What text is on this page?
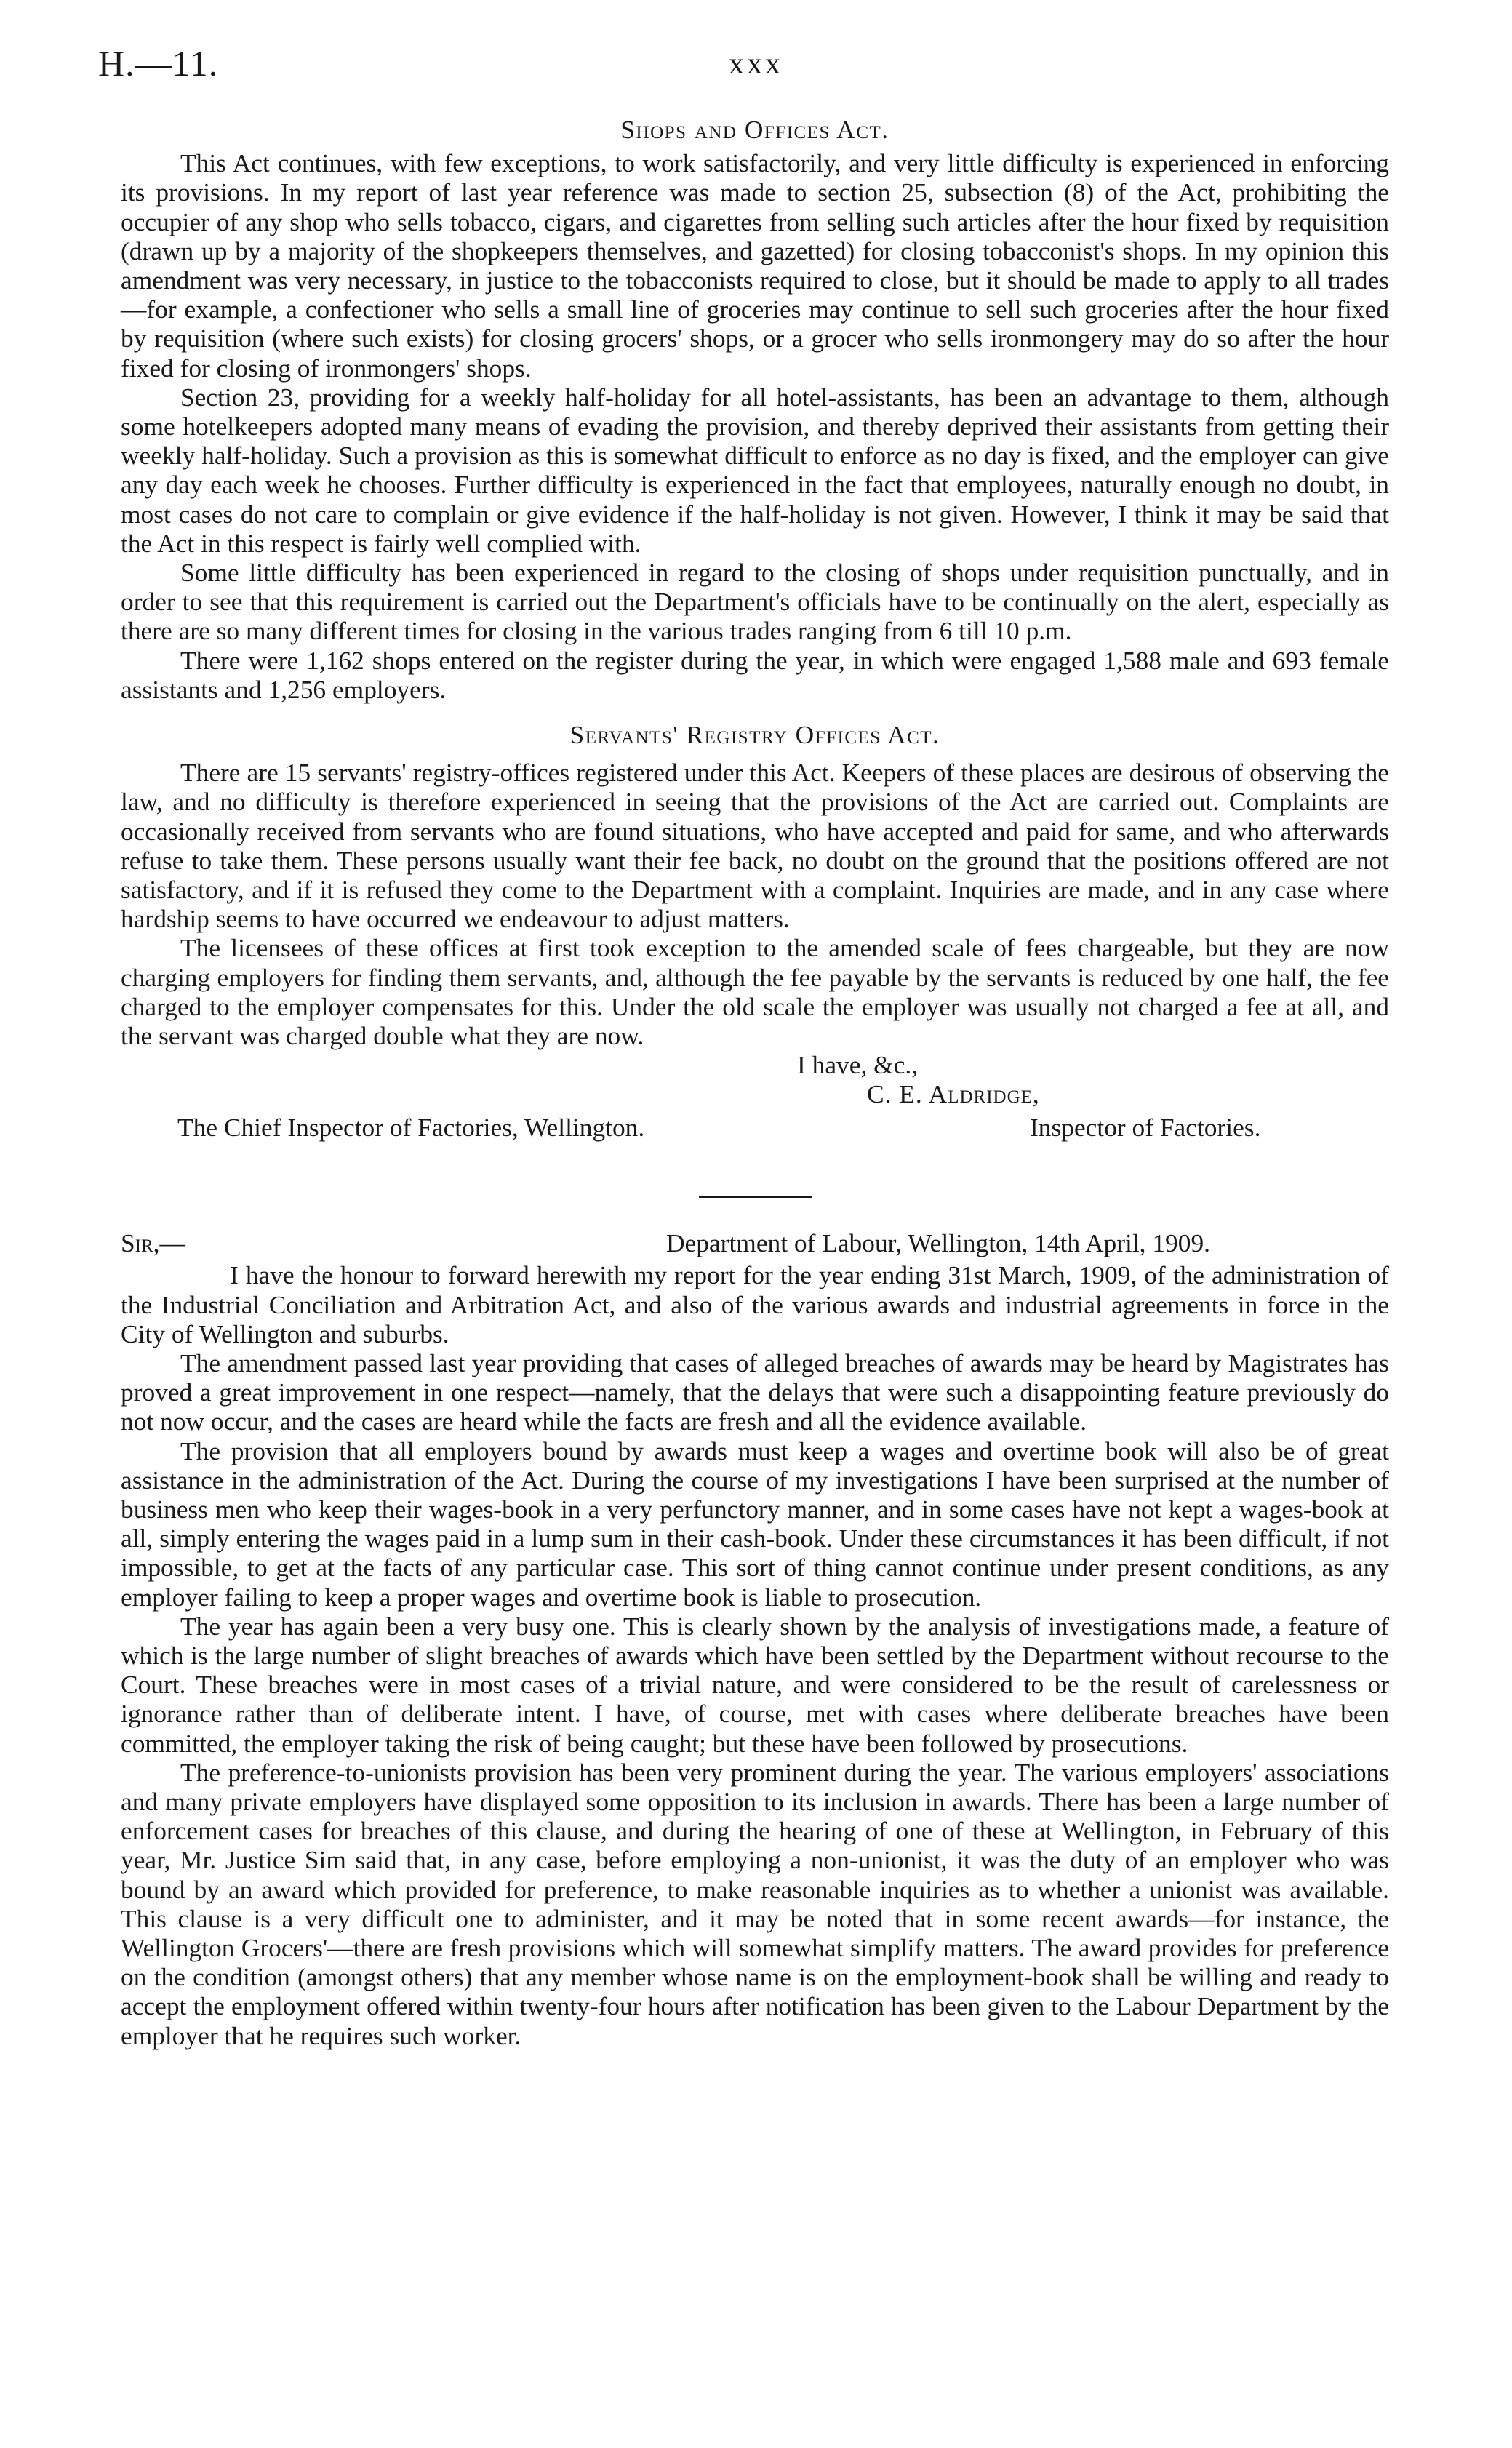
H.—11.	xxx
Shops and Offices Act.

This Act continues, with few exceptions, to work satisfactorily, and very little difficulty is experienced in enforcing its provisions. In my report of last year reference was made to section 25, subsection (8) of the Act, prohibiting the occupier of any shop who sells tobacco, cigars, and cigarettes from selling such articles after the hour fixed by requisition (drawn up by a majority of the shopkeepers themselves, and gazetted) for closing tobacconist's shops. In my opinion this amendment was very necessary, in justice to the tobacconists required to close, but it should be made to apply to all trades—for example, a confectioner who sells a small line of groceries may continue to sell such groceries after the hour fixed by requisition (where such exists) for closing grocers' shops, or a grocer who sells ironmongery may do so after the hour fixed for closing of ironmongers' shops.

Section 23, providing for a weekly half-holiday for all hotel-assistants, has been an advantage to them, although some hotelkeepers adopted many means of evading the provision, and thereby deprived their assistants from getting their weekly half-holiday. Such a provision as this is somewhat difficult to enforce as no day is fixed, and the employer can give any day each week he chooses. Further difficulty is experienced in the fact that employees, naturally enough no doubt, in most cases do not care to complain or give evidence if the half-holiday is not given. However, I think it may be said that the Act in this respect is fairly well complied with.

Some little difficulty has been experienced in regard to the closing of shops under requisition punctually, and in order to see that this requirement is carried out the Department's officials have to be continually on the alert, especially as there are so many different times for closing in the various trades ranging from 6 till 10 p.m.

There were 1,162 shops entered on the register during the year, in which were engaged 1,588 male and 693 female assistants and 1,256 employers.

Servants' Registry Offices Act.

There are 15 servants' registry-offices registered under this Act. Keepers of these places are desirous of observing the law, and no difficulty is therefore experienced in seeing that the provisions of the Act are carried out. Complaints are occasionally received from servants who are found situations, who have accepted and paid for same, and who afterwards refuse to take them. These persons usually want their fee back, no doubt on the ground that the positions offered are not satisfactory, and if it is refused they come to the Department with a complaint. Inquiries are made, and in any case where hardship seems to have occurred we endeavour to adjust matters.

The licensees of these offices at first took exception to the amended scale of fees chargeable, but they are now charging employers for finding them servants, and, although the fee payable by the servants is reduced by one half, the fee charged to the employer compensates for this. Under the old scale the employer was usually not charged a fee at all, and the servant was charged double what they are now.

I have, &c.,
C. E. Aldridge,
The Chief Inspector of Factories, Wellington.	Inspector of Factories.
Sir,—	Department of Labour, Wellington, 14th April, 1909.

I have the honour to forward herewith my report for the year ending 31st March, 1909, of the administration of the Industrial Conciliation and Arbitration Act, and also of the various awards and industrial agreements in force in the City of Wellington and suburbs.

The amendment passed last year providing that cases of alleged breaches of awards may be heard by Magistrates has proved a great improvement in one respect—namely, that the delays that were such a disappointing feature previously do not now occur, and the cases are heard while the facts are fresh and all the evidence available.

The provision that all employers bound by awards must keep a wages and overtime book will also be of great assistance in the administration of the Act. During the course of my investigations I have been surprised at the number of business men who keep their wages-book in a very perfunctory manner, and in some cases have not kept a wages-book at all, simply entering the wages paid in a lump sum in their cash-book. Under these circumstances it has been difficult, if not impossible, to get at the facts of any particular case. This sort of thing cannot continue under present conditions, as any employer failing to keep a proper wages and overtime book is liable to prosecution.

The year has again been a very busy one. This is clearly shown by the analysis of investigations made, a feature of which is the large number of slight breaches of awards which have been settled by the Department without recourse to the Court. These breaches were in most cases of a trivial nature, and were considered to be the result of carelessness or ignorance rather than of deliberate intent. I have, of course, met with cases where deliberate breaches have been committed, the employer taking the risk of being caught; but these have been followed by prosecutions.

The preference-to-unionists provision has been very prominent during the year. The various employers' associations and many private employers have displayed some opposition to its inclusion in awards. There has been a large number of enforcement cases for breaches of this clause, and during the hearing of one of these at Wellington, in February of this year, Mr. Justice Sim said that, in any case, before employing a non-unionist, it was the duty of an employer who was bound by an award which provided for preference, to make reasonable inquiries as to whether a unionist was available. This clause is a very difficult one to administer, and it may be noted that in some recent awards—for instance, the Wellington Grocers'—there are fresh provisions which will somewhat simplify matters. The award provides for preference on the condition (amongst others) that any member whose name is on the employment-book shall be willing and ready to accept the employment offered within twenty-four hours after notification has been given to the Labour Department by the employer that he requires such worker.
